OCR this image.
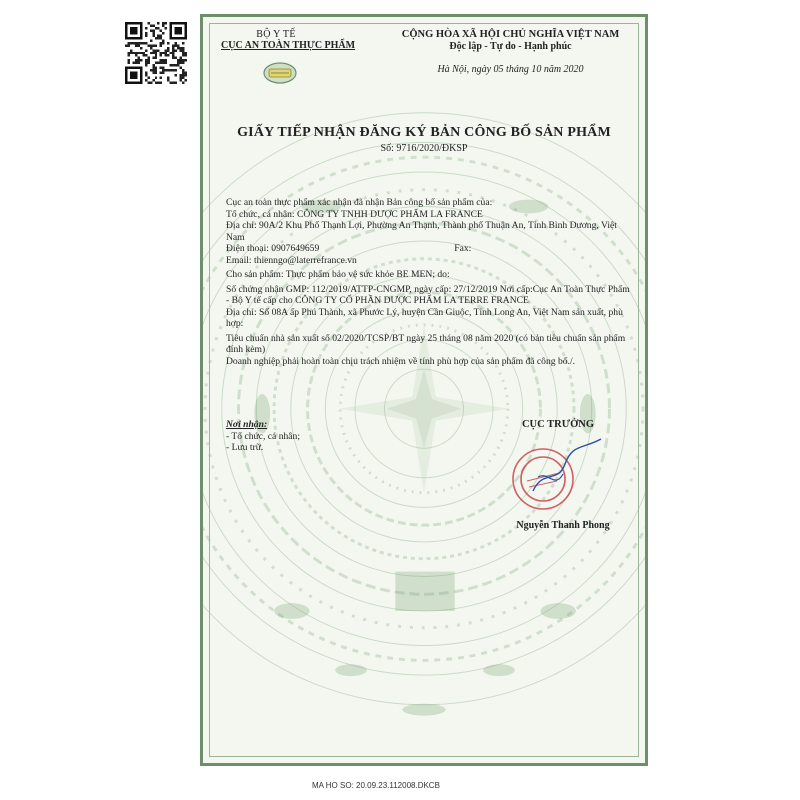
BỘ Y TẾ
CỤC AN TOÀN THỰC PHẨM
CỘNG HÒA XÃ HỘI CHỦ NGHĨA VIỆT NAM
Độc lập - Tự do - Hạnh phúc
Hà Nội, ngày 05 tháng 10 năm 2020
GIẤY TIẾP NHẬN ĐĂNG KÝ BẢN CÔNG BỐ SẢN PHẨM
Số: 9716/2020/ĐKSP

Cục an toàn thực phẩm xác nhận đã nhận Bản công bố sản phẩm của:

Tổ chức, cá nhân: CÔNG TY TNHH DƯỢC PHẨM LA FRANCE

Địa chỉ: 90A/2 Khu Phố Thạnh Lợi, Phường An Thạnh, Thành phố Thuận An, Tỉnh Bình Dương, Việt Nam

Điện thoại: 0907649659	Fax:

Email: thienngo@laterrefrance.vn

Cho sản phẩm: Thực phẩm bảo vệ sức khỏe BE MEN; do:

Số chứng nhận GMP: 112/2019/ATTP-CNGMP, ngày cấp: 27/12/2019 Nơi cấp:Cục An Toàn Thực Phẩm - Bộ Y tế cấp cho CÔNG TY CỔ PHẦN DƯỢC PHẨM LA TERRE FRANCE

Địa chỉ: Số 08A ấp Phú Thành, xã Phước Lý, huyện Cần Giuộc, Tỉnh Long An, Việt Nam sản xuất, phù hợp:

Tiêu chuẩn nhà sản xuất số 02/2020/TCSP/BT ngày 25 tháng 08 năm 2020 (có bản tiêu chuẩn sản phẩm đính kèm)

Doanh nghiệp phải hoàn toàn chịu trách nhiệm về tính phù hợp của sản phẩm đã công bố./.

Nơi nhận:
- Tổ chức, cá nhân;
- Lưu trữ.
CỤC TRƯỞNG
Nguyễn Thanh Phong
MA HO SO: 20.09.23.112008.DKCB
